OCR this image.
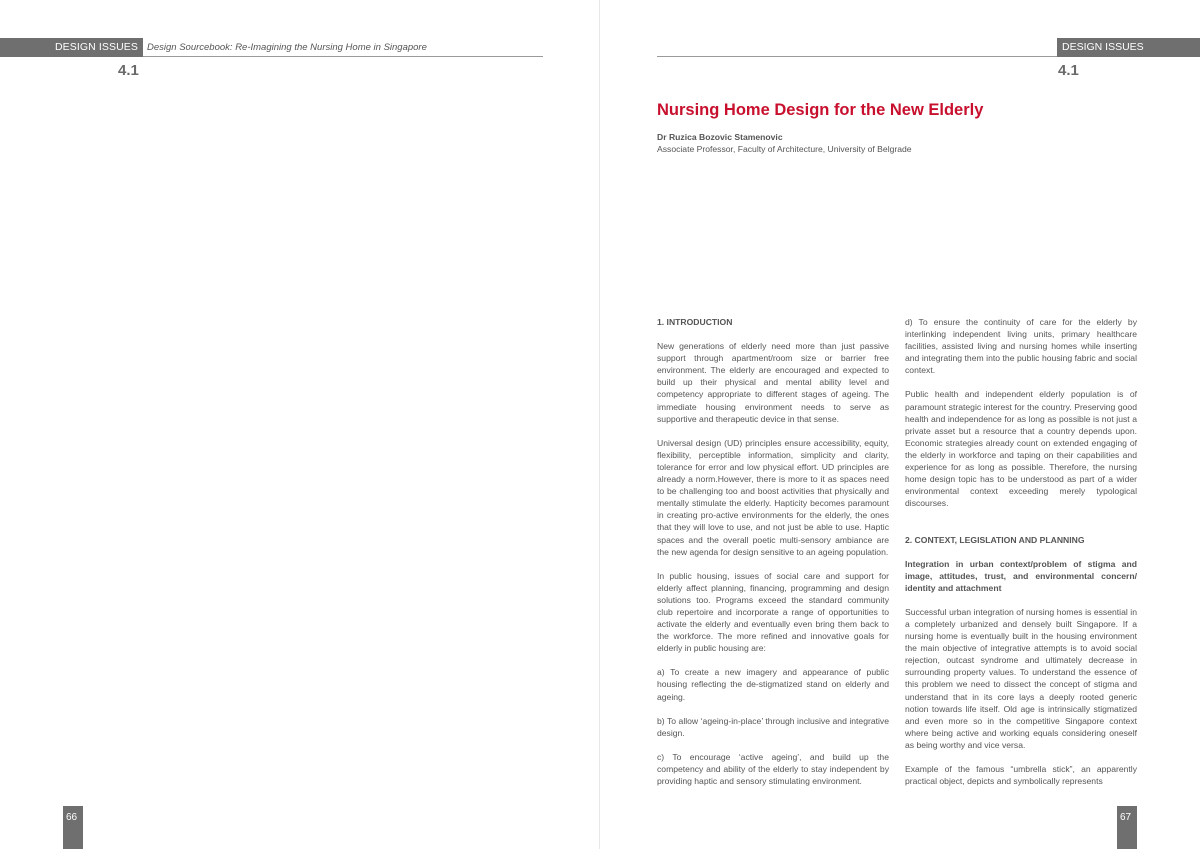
DESIGN ISSUES Design Sourcebook: Re-Imagining the Nursing Home in Singapore
4.1
66
DESIGN ISSUES
4.1
Nursing Home Design for the New Elderly
Dr Ruzica Bozovic Stamenovic
Associate Professor, Faculty of Architecture, University of Belgrade
1. INTRODUCTION

New generations of elderly need more than just passive support through apartment/room size or barrier free environment. The elderly are encouraged and expected to build up their physical and mental ability level and competency appropriate to different stages of ageing. The immediate housing environment needs to serve as supportive and therapeutic device in that sense.

Universal design (UD) principles ensure accessibility, equity, flexibility, perceptible information, simplicity and clarity, tolerance for error and low physical effort. UD principles are already a norm.However, there is more to it as spaces need to be challenging too and boost activities that physically and mentally stimulate the elderly. Hapticity becomes paramount in creating pro-active environments for the elderly, the ones that they will love to use, and not just be able to use. Haptic spaces and the overall poetic multi-sensory ambiance are the new agenda for design sensitive to an ageing population.

In public housing, issues of social care and support for elderly affect planning, financing, programming and design solutions too. Programs exceed the standard community club repertoire and incorporate a range of opportunities to activate the elderly and eventually even bring them back to the workforce. The more refined and innovative goals for elderly in public housing are:

a) To create a new imagery and appearance of public housing reflecting the de-stigmatized stand on elderly and ageing.

b) To allow ‘ageing-in-place’ through inclusive and integrative design.

c) To encourage ‘active ageing’, and build up the competency and ability of the elderly to stay independent by providing haptic and sensory stimulating environment.

d) To ensure the continuity of care for the elderly by interlinking independent living units, primary healthcare facilities, assisted living and nursing homes while inserting and integrating them into the public housing fabric and social context.

Public health and independent elderly population is of paramount strategic interest for the country. Preserving good health and independence for as long as possible is not just a private asset but a resource that a country depends upon. Economic strategies already count on extended engaging of the elderly in workforce and taping on their capabilities and experience for as long as possible. Therefore, the nursing home design topic has to be understood as part of a wider environmental context exceeding merely typological discourses.

2. CONTEXT, LEGISLATION AND PLANNING

Integration in urban context/problem of stigma and image, attitudes, trust, and environmental concern/ identity and attachment

Successful urban integration of nursing homes is essential in a completely urbanized and densely built Singapore. If a nursing home is eventually built in the housing environment the main objective of integrative attempts is to avoid social rejection, outcast syndrome and ultimately decrease in surrounding property values. To understand the essence of this problem we need to dissect the concept of stigma and understand that in its core lays a deeply rooted generic notion towards life itself. Old age is intrinsically stigmatized and even more so in the competitive Singapore context where being active and working equals considering oneself as being worthy and vice versa.

Example of the famous “umbrella stick”, an apparently practical object, depicts and symbolically represents

67
